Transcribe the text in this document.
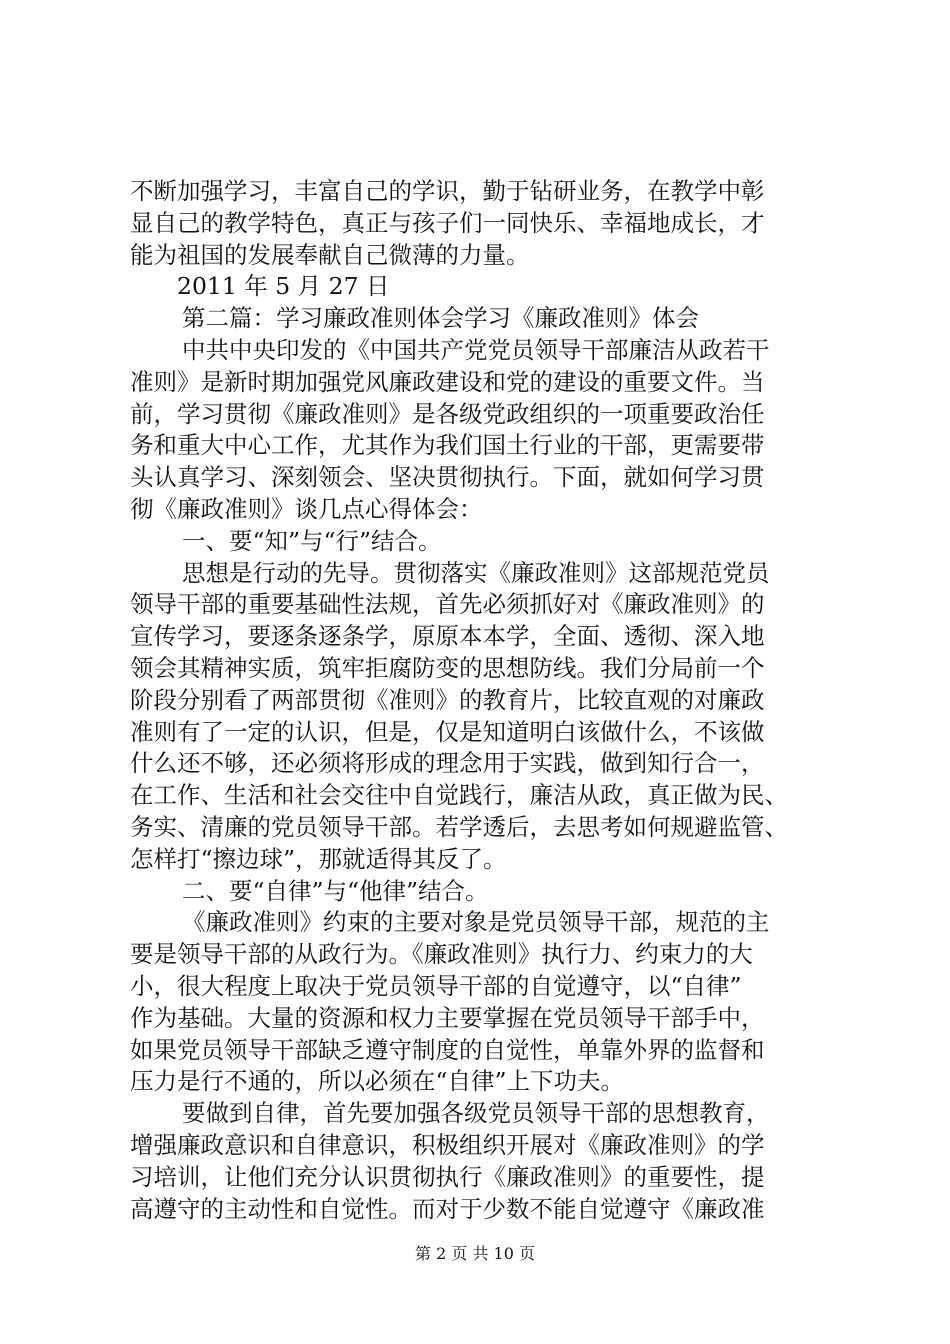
不断加强学习，丰富自己的学识，勤于钻研业务，在教学中彰
显自己的教学特色，真正与孩子们一同快乐、幸福地成长，才
能为祖国的发展奉献自己微薄的力量。
2011 年 5 月 27 日
第二篇：学习廉政准则体会学习《廉政准则》体会
中共中央印发的《中国共产党党员领导干部廉洁从政若干
准则》是新时期加强党风廉政建设和党的建设的重要文件。当
前，学习贯彻《廉政准则》是各级党政组织的一项重要政治任
务和重大中心工作，尤其作为我们国土行业的干部，更需要带
头认真学习、深刻领会、坚决贯彻执行。下面，就如何学习贯
彻《廉政准则》谈几点心得体会：
一、要“知”与“行”结合。
思想是行动的先导。贯彻落实《廉政准则》这部规范党员
领导干部的重要基础性法规，首先必须抓好对《廉政准则》的
宣传学习，要逐条逐条学，原原本本学，全面、透彻、深入地
领会其精神实质，筑牢拒腐防变的思想防线。我们分局前一个
阶段分别看了两部贯彻《准则》的教育片，比较直观的对廉政
准则有了一定的认识，但是，仅是知道明白该做什么，不该做
什么还不够，还必须将形成的理念用于实践，做到知行合一，
在工作、生活和社会交往中自觉践行，廉洁从政，真正做为民、
务实、清廉的党员领导干部。若学透后，去思考如何规避监管、
怎样打“擦边球”，那就适得其反了。
二、要“自律”与“他律”结合。
《廉政准则》约束的主要对象是党员领导干部，规范的主
要是领导干部的从政行为。《廉政准则》执行力、约束力的大
小，很大程度上取决于党员领导干部的自觉遵守，以“自律”
作为基础。大量的资源和权力主要掌握在党员领导干部手中，
如果党员领导干部缺乏遵守制度的自觉性，单靠外界的监督和
压力是行不通的，所以必须在“自律”上下功夫。
要做到自律，首先要加强各级党员领导干部的思想教育，
增强廉政意识和自律意识，积极组织开展对《廉政准则》的学
习培训，让他们充分认识贯彻执行《廉政准则》的重要性，提
高遵守的主动性和自觉性。而对于少数不能自觉遵守《廉政准
第 2 页 共 10 页
